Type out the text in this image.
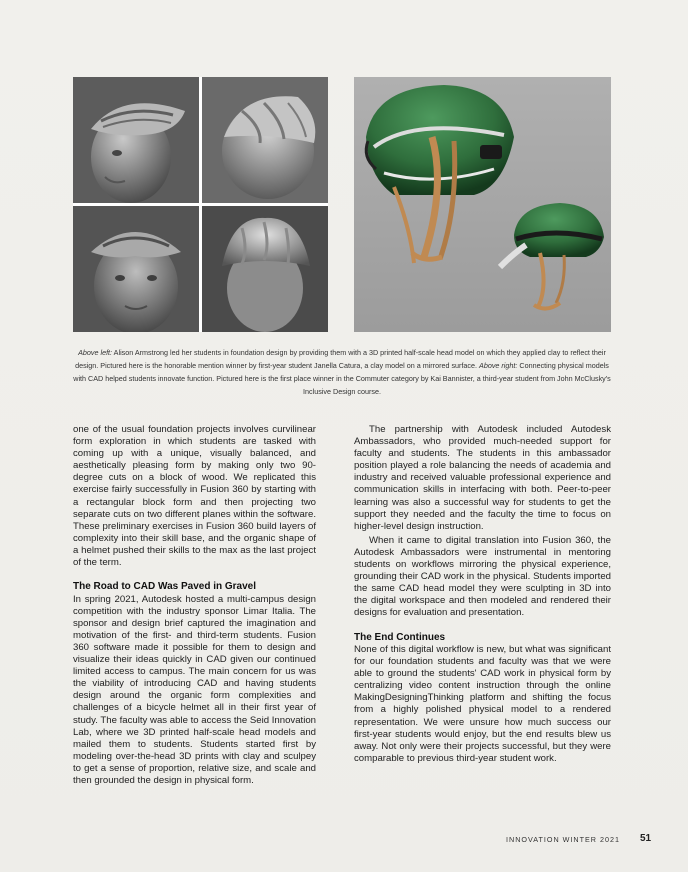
Above left: Alison Armstrong led her students in foundation design by providing them with a 3D printed half-scale head model on which they applied clay to reflect their design. Pictured here is the honorable mention winner by first-year student Janella Catura, a clay model on a mirrored surface. Above right: Connecting physical models with CAD helped students innovate function. Pictured here is the first place winner in the Commuter category by Kai Bannister, a third-year student from John McClusky's Inclusive Design course.

one of the usual foundation projects involves curvilinear form exploration in which students are tasked with coming up with a unique, visually balanced, and aesthetically pleasing form by making only two 90-degree cuts on a block of wood. We replicated this exercise fairly successfully in Fusion 360 by starting with a rectangular block form and then projecting two separate cuts on two different planes within the software. These preliminary exercises in Fusion 360 build layers of complexity into their skill base, and the organic shape of a helmet pushed their skills to the max as the last project of the term.

The Road to CAD Was Paved in Gravel

In spring 2021, Autodesk hosted a multi-campus design competition with the industry sponsor Limar Italia. The sponsor and design brief captured the imagination and motivation of the first- and third-term students. Fusion 360 software made it possible for them to design and visualize their ideas quickly in CAD given our continued limited access to campus. The main concern for us was the viability of introducing CAD and having students design around the organic form complexities and challenges of a bicycle helmet all in their first year of study. The faculty was able to access the Seid Innovation Lab, where we 3D printed half-scale head models and mailed them to students. Students started first by modeling over-the-head 3D prints with clay and sculpey to get a sense of proportion, relative size, and scale and then grounded the design in physical form.

The partnership with Autodesk included Autodesk Ambassadors, who provided much-needed support for faculty and students. The students in this ambassador position played a role balancing the needs of academia and industry and received valuable professional experience and communication skills in interfacing with both. Peer-to-peer learning was also a successful way for students to get the support they needed and the faculty the time to focus on higher-level design instruction.

When it came to digital translation into Fusion 360, the Autodesk Ambassadors were instrumental in mentoring students on workflows mirroring the physical experience, grounding their CAD work in the physical. Students imported the same CAD head model they were sculpting in 3D into the digital workspace and then modeled and rendered their designs for evaluation and presentation.

The End Continues

None of this digital workflow is new, but what was significant for our foundation students and faculty was that we were able to ground the students' CAD work in physical form by centralizing video content instruction through the online MakingDesigningThinking platform and shifting the focus from a highly polished physical model to a rendered representation. We were unsure how much success our first-year students would enjoy, but the end results blew us away. Not only were their projects successful, but they were comparable to previous third-year student work.

INNOVATION WINTER 2021 51
